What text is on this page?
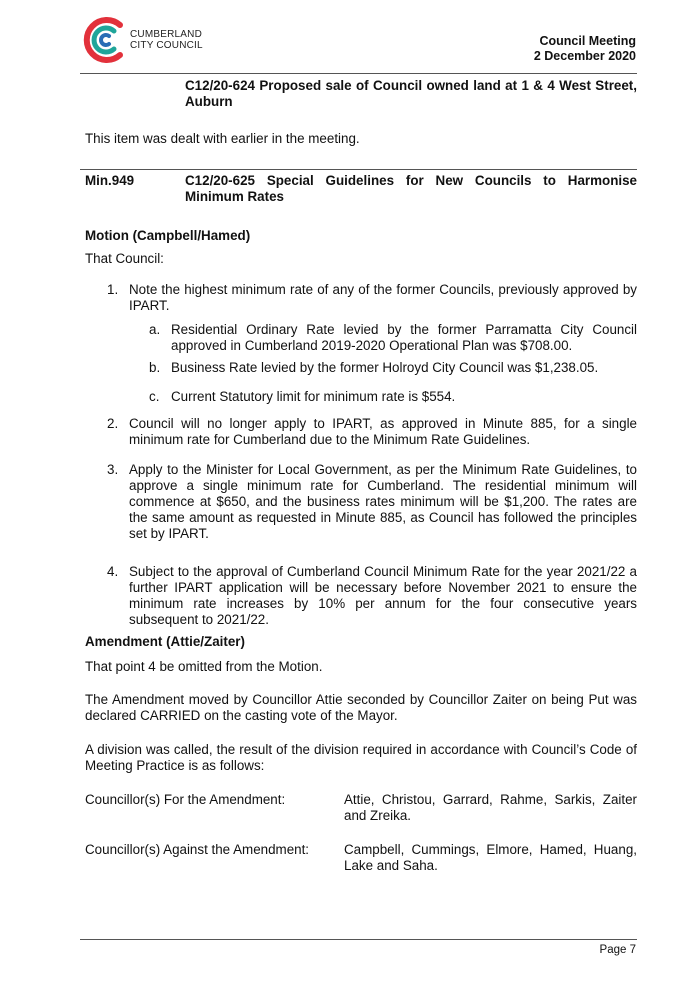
CUMBERLAND
CITY COUNCIL	Council Meeting
2 December 2020
C12/20-624 Proposed sale of Council owned land at 1 & 4 West Street, Auburn
This item was dealt with earlier in the meeting.
Min.949	C12/20-625 Special Guidelines for New Councils to Harmonise Minimum Rates
Motion (Campbell/Hamed)
That Council:
1. Note the highest minimum rate of any of the former Councils, previously approved by IPART.
a. Residential Ordinary Rate levied by the former Parramatta City Council approved in Cumberland 2019-2020 Operational Plan was $708.00.
b. Business Rate levied by the former Holroyd City Council was $1,238.05.
c. Current Statutory limit for minimum rate is $554.
2. Council will no longer apply to IPART, as approved in Minute 885, for a single minimum rate for Cumberland due to the Minimum Rate Guidelines.
3. Apply to the Minister for Local Government, as per the Minimum Rate Guidelines, to approve a single minimum rate for Cumberland. The residential minimum will commence at $650, and the business rates minimum will be $1,200. The rates are the same amount as requested in Minute 885, as Council has followed the principles set by IPART.
4. Subject to the approval of Cumberland Council Minimum Rate for the year 2021/22 a further IPART application will be necessary before November 2021 to ensure the minimum rate increases by 10% per annum for the four consecutive years subsequent to 2021/22.
Amendment (Attie/Zaiter)
That point 4 be omitted from the Motion.
The Amendment moved by Councillor Attie seconded by Councillor Zaiter on being Put was declared CARRIED on the casting vote of the Mayor.
A division was called, the result of the division required in accordance with Council’s Code of Meeting Practice is as follows:
Councillor(s) For the Amendment:	Attie, Christou, Garrard, Rahme, Sarkis, Zaiter and Zreika.
Councillor(s) Against the Amendment:	Campbell, Cummings, Elmore, Hamed, Huang, Lake and Saha.
Page 7
